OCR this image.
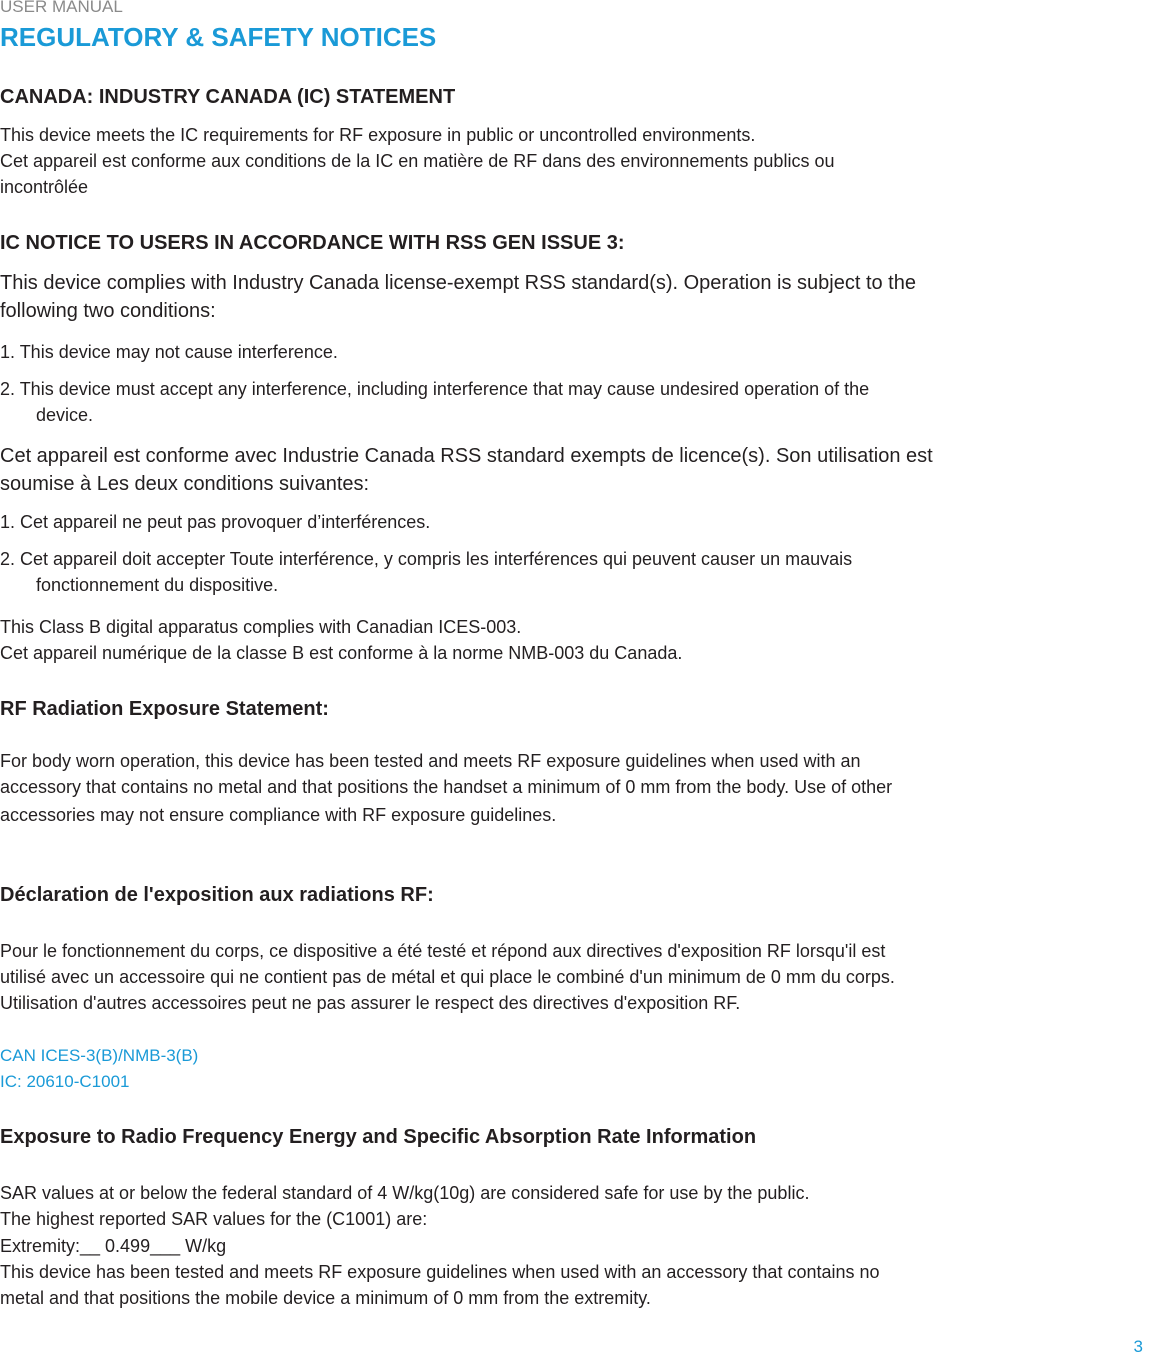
USER MANUAL
REGULATORY & SAFETY NOTICES
CANADA: INDUSTRY CANADA (IC) STATEMENT
This device meets the IC requirements for RF exposure in public or uncontrolled environments.
Cet appareil est conforme aux conditions de la IC en matière de RF dans des environnements publics ou
incontrôlée
IC NOTICE TO USERS IN ACCORDANCE WITH RSS GEN ISSUE 3:
This device complies with Industry Canada license-exempt RSS standard(s). Operation is subject to the
following two conditions:
1. This device may not cause interference.
2. This device must accept any interference, including interference that may cause undesired operation of the
device.
Cet appareil est conforme avec Industrie Canada RSS standard exempts de licence(s). Son utilisation est
soumise à Les deux conditions suivantes:
1. Cet appareil ne peut pas provoquer d’interférences.
2. Cet appareil doit accepter Toute interférence, y compris les interférences qui peuvent causer un mauvais
fonctionnement du dispositive.
This Class B digital apparatus complies with Canadian ICES-003.
Cet appareil numérique de la classe B est conforme à la norme NMB-003 du Canada.
RF Radiation Exposure Statement:
For body worn operation, this device has been tested and meets RF exposure guidelines when used with an
accessory that contains no metal and that positions the handset a minimum of 0 mm from the body. Use of other
accessories may not ensure compliance with RF exposure guidelines.
Déclaration de l'exposition aux radiations RF:
Pour le fonctionnement du corps, ce dispositive a été testé et répond aux directives d'exposition RF lorsqu'il est
utilisé avec un accessoire qui ne contient pas de métal et qui place le combiné d'un minimum de 0 mm du corps.
Utilisation d'autres accessoires peut ne pas assurer le respect des directives d'exposition RF.
CAN ICES-3(B)/NMB-3(B)
IC: 20610-C1001
Exposure to Radio Frequency Energy and Specific Absorption Rate Information
SAR values at or below the federal standard of 4 W/kg(10g) are considered safe for use by the public.
The highest reported SAR values for the (C1001) are:
Extremity:__ 0.499___ W/kg
This device has been tested and meets RF exposure guidelines when used with an accessory that contains no
metal and that positions the mobile device a minimum of 0 mm from the extremity.
3
